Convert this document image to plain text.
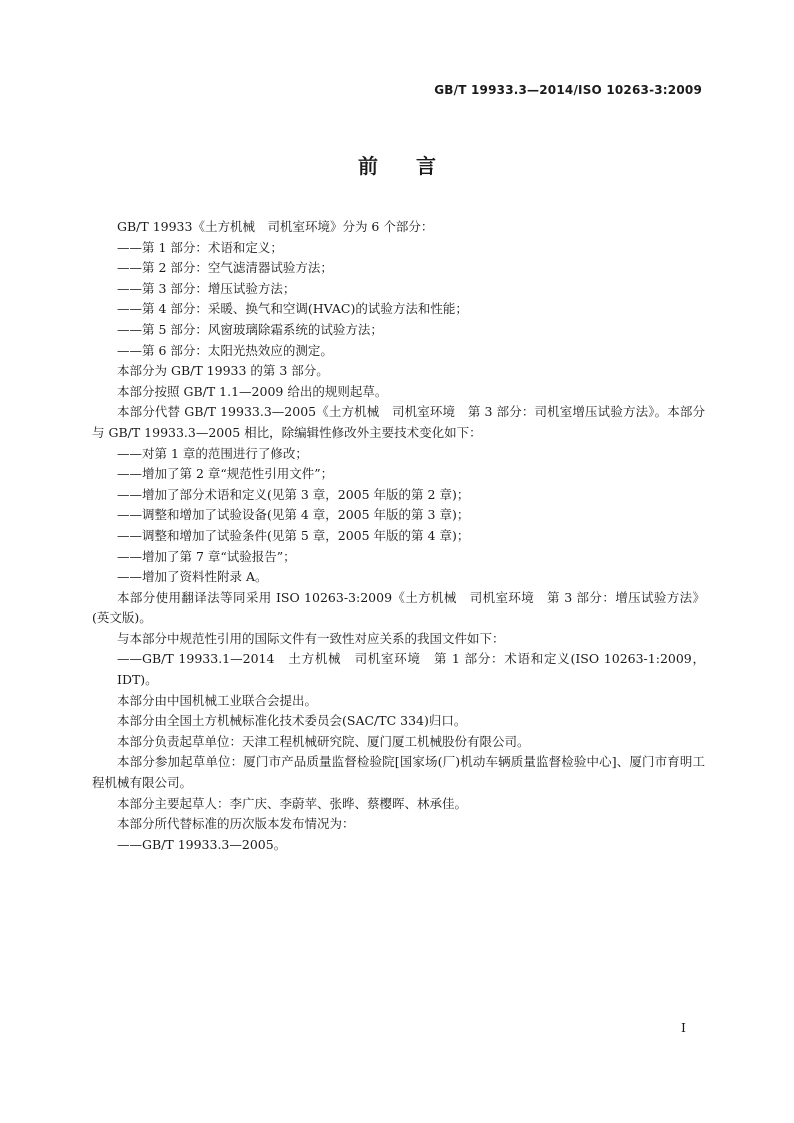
GB/T 19933.3—2014/ISO 10263-3:2009
前言

GB/T 19933《土方机械　司机室环境》分为 6 个部分：

——第 1 部分：术语和定义；

——第 2 部分：空气滤清器试验方法；

——第 3 部分：增压试验方法；

——第 4 部分：采暖、换气和空调(HVAC)的试验方法和性能；

——第 5 部分：风窗玻璃除霜系统的试验方法；

——第 6 部分：太阳光热效应的测定。

本部分为 GB/T 19933 的第 3 部分。

本部分按照 GB/T 1.1—2009 给出的规则起草。

本部分代替 GB/T 19933.3—2005《土方机械　司机室环境　第 3 部分：司机室增压试验方法》。本部分与 GB/T 19933.3—2005 相比，除编辑性修改外主要技术变化如下：

——对第 1 章的范围进行了修改；

——增加了第 2 章“规范性引用文件”；

——增加了部分术语和定义(见第 3 章，2005 年版的第 2 章)；

——调整和增加了试验设备(见第 4 章，2005 年版的第 3 章)；

——调整和增加了试验条件(见第 5 章，2005 年版的第 4 章)；

——增加了第 7 章“试验报告”；

——增加了资料性附录 A。

本部分使用翻译法等同采用 ISO 10263-3:2009《土方机械　司机室环境　第 3 部分：增压试验方法》(英文版)。

与本部分中规范性引用的国际文件有一致性对应关系的我国文件如下：

——GB/T 19933.1—2014　土方机械　司机室环境　第 1 部分：术语和定义(ISO 10263-1:2009，IDT)。

本部分由中国机械工业联合会提出。

本部分由全国土方机械标准化技术委员会(SAC/TC 334)归口。

本部分负责起草单位：天津工程机械研究院、厦门厦工机械股份有限公司。

本部分参加起草单位：厦门市产品质量监督检验院[国家场(厂)机动车辆质量监督检验中心]、厦门市育明工程机械有限公司。

本部分主要起草人：李广庆、李蔚苹、张晔、蔡樱晖、林承佳。

本部分所代替标准的历次版本发布情况为：

——GB/T 19933.3—2005。

I
